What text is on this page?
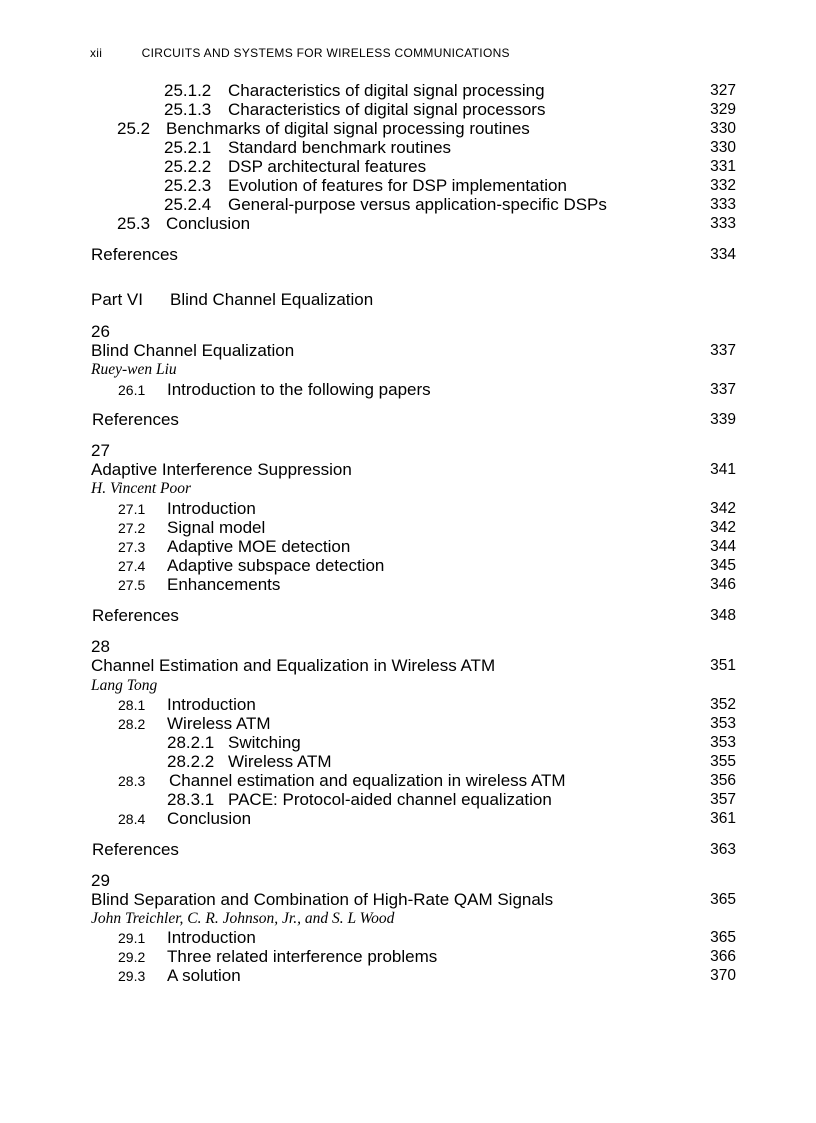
xii	CIRCUITS AND SYSTEMS FOR WIRELESS COMMUNICATIONS
25.1.2 Characteristics of digital signal processing	327
25.1.3 Characteristics of digital signal processors	329
25.2 Benchmarks of digital signal processing routines	330
25.2.1 Standard benchmark routines	330
25.2.2 DSP architectural features	331
25.2.3 Evolution of features for DSP implementation	332
25.2.4 General-purpose versus application-specific DSPs	333
25.3 Conclusion	333
References	334
Part VI Blind Channel Equalization
26
Blind Channel Equalization	337
Ruey-wen Liu
26.1 Introduction to the following papers	337
References	339
27
Adaptive Interference Suppression	341
H. Vincent Poor
27.1 Introduction	342
27.2 Signal model	342
27.3 Adaptive MOE detection	344
27.4 Adaptive subspace detection	345
27.5 Enhancements	346
References	348
28
Channel Estimation and Equalization in Wireless ATM	351
Lang Tong
28.1 Introduction	352
28.2 Wireless ATM	353
28.2.1 Switching	353
28.2.2 Wireless ATM	355
28.3 Channel estimation and equalization in wireless ATM	356
28.3.1 PACE: Protocol-aided channel equalization	357
28.4 Conclusion	361
References	363
29
Blind Separation and Combination of High-Rate QAM Signals	365
John Treichler, C. R. Johnson, Jr., and S. L Wood
29.1 Introduction	365
29.2 Three related interference problems	366
29.3 A solution	370
